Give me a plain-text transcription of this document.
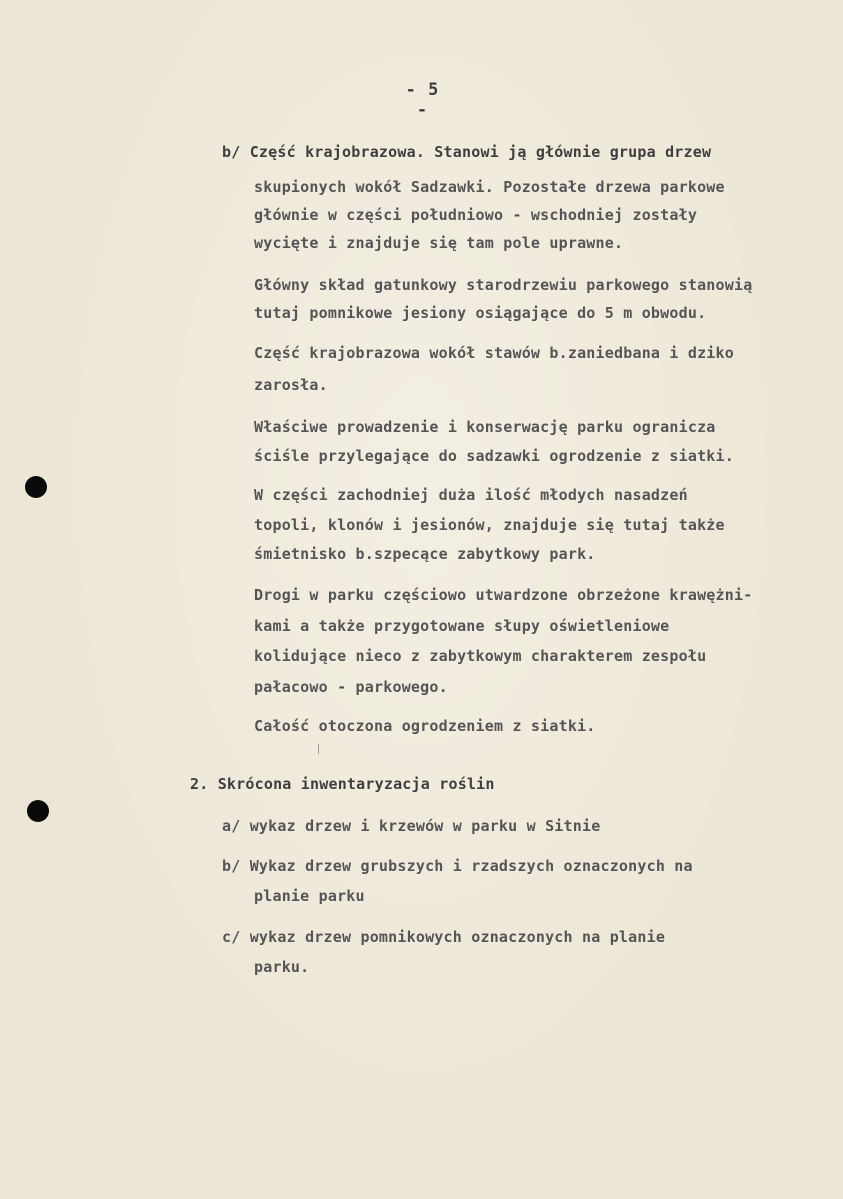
- 5 -
b/ Część krajobrazowa. Stanowi ją głównie grupa drzew
skupionych wokół Sadzawki. Pozostałe drzewa parkowe
głównie w części południowo - wschodniej zostały
wycięte i znajduje się tam pole uprawne.
Główny skład gatunkowy starodrzewiu parkowego stanowią
tutaj pomnikowe jesiony osiągające do 5 m obwodu.
Część krajobrazowa wokół stawów b.zaniedbana i dziko
zarosła.
Właściwe prowadzenie i konserwację parku ogranicza
ściśle przylegające do sadzawki ogrodzenie z siatki.
W części zachodniej duża ilość młodych nasadzeń
topoli, klonów i jesionów, znajduje się tutaj także
śmietnisko b.szpecące zabytkowy park.
Drogi w parku częściowo utwardzone obrzeżone krawężni-
kami a także przygotowane słupy oświetleniowe
kolidujące nieco z zabytkowym charakterem zespołu
pałacowo - parkowego.
Całość otoczona ogrodzeniem z siatki.
2. Skrócona inwentaryzacja roślin
a/ wykaz drzew i krzewów w parku w Sitnie
b/ Wykaz drzew grubszych i rzadszych oznaczonych na
planie parku
c/ wykaz drzew pomnikowych oznaczonych na planie
parku.
